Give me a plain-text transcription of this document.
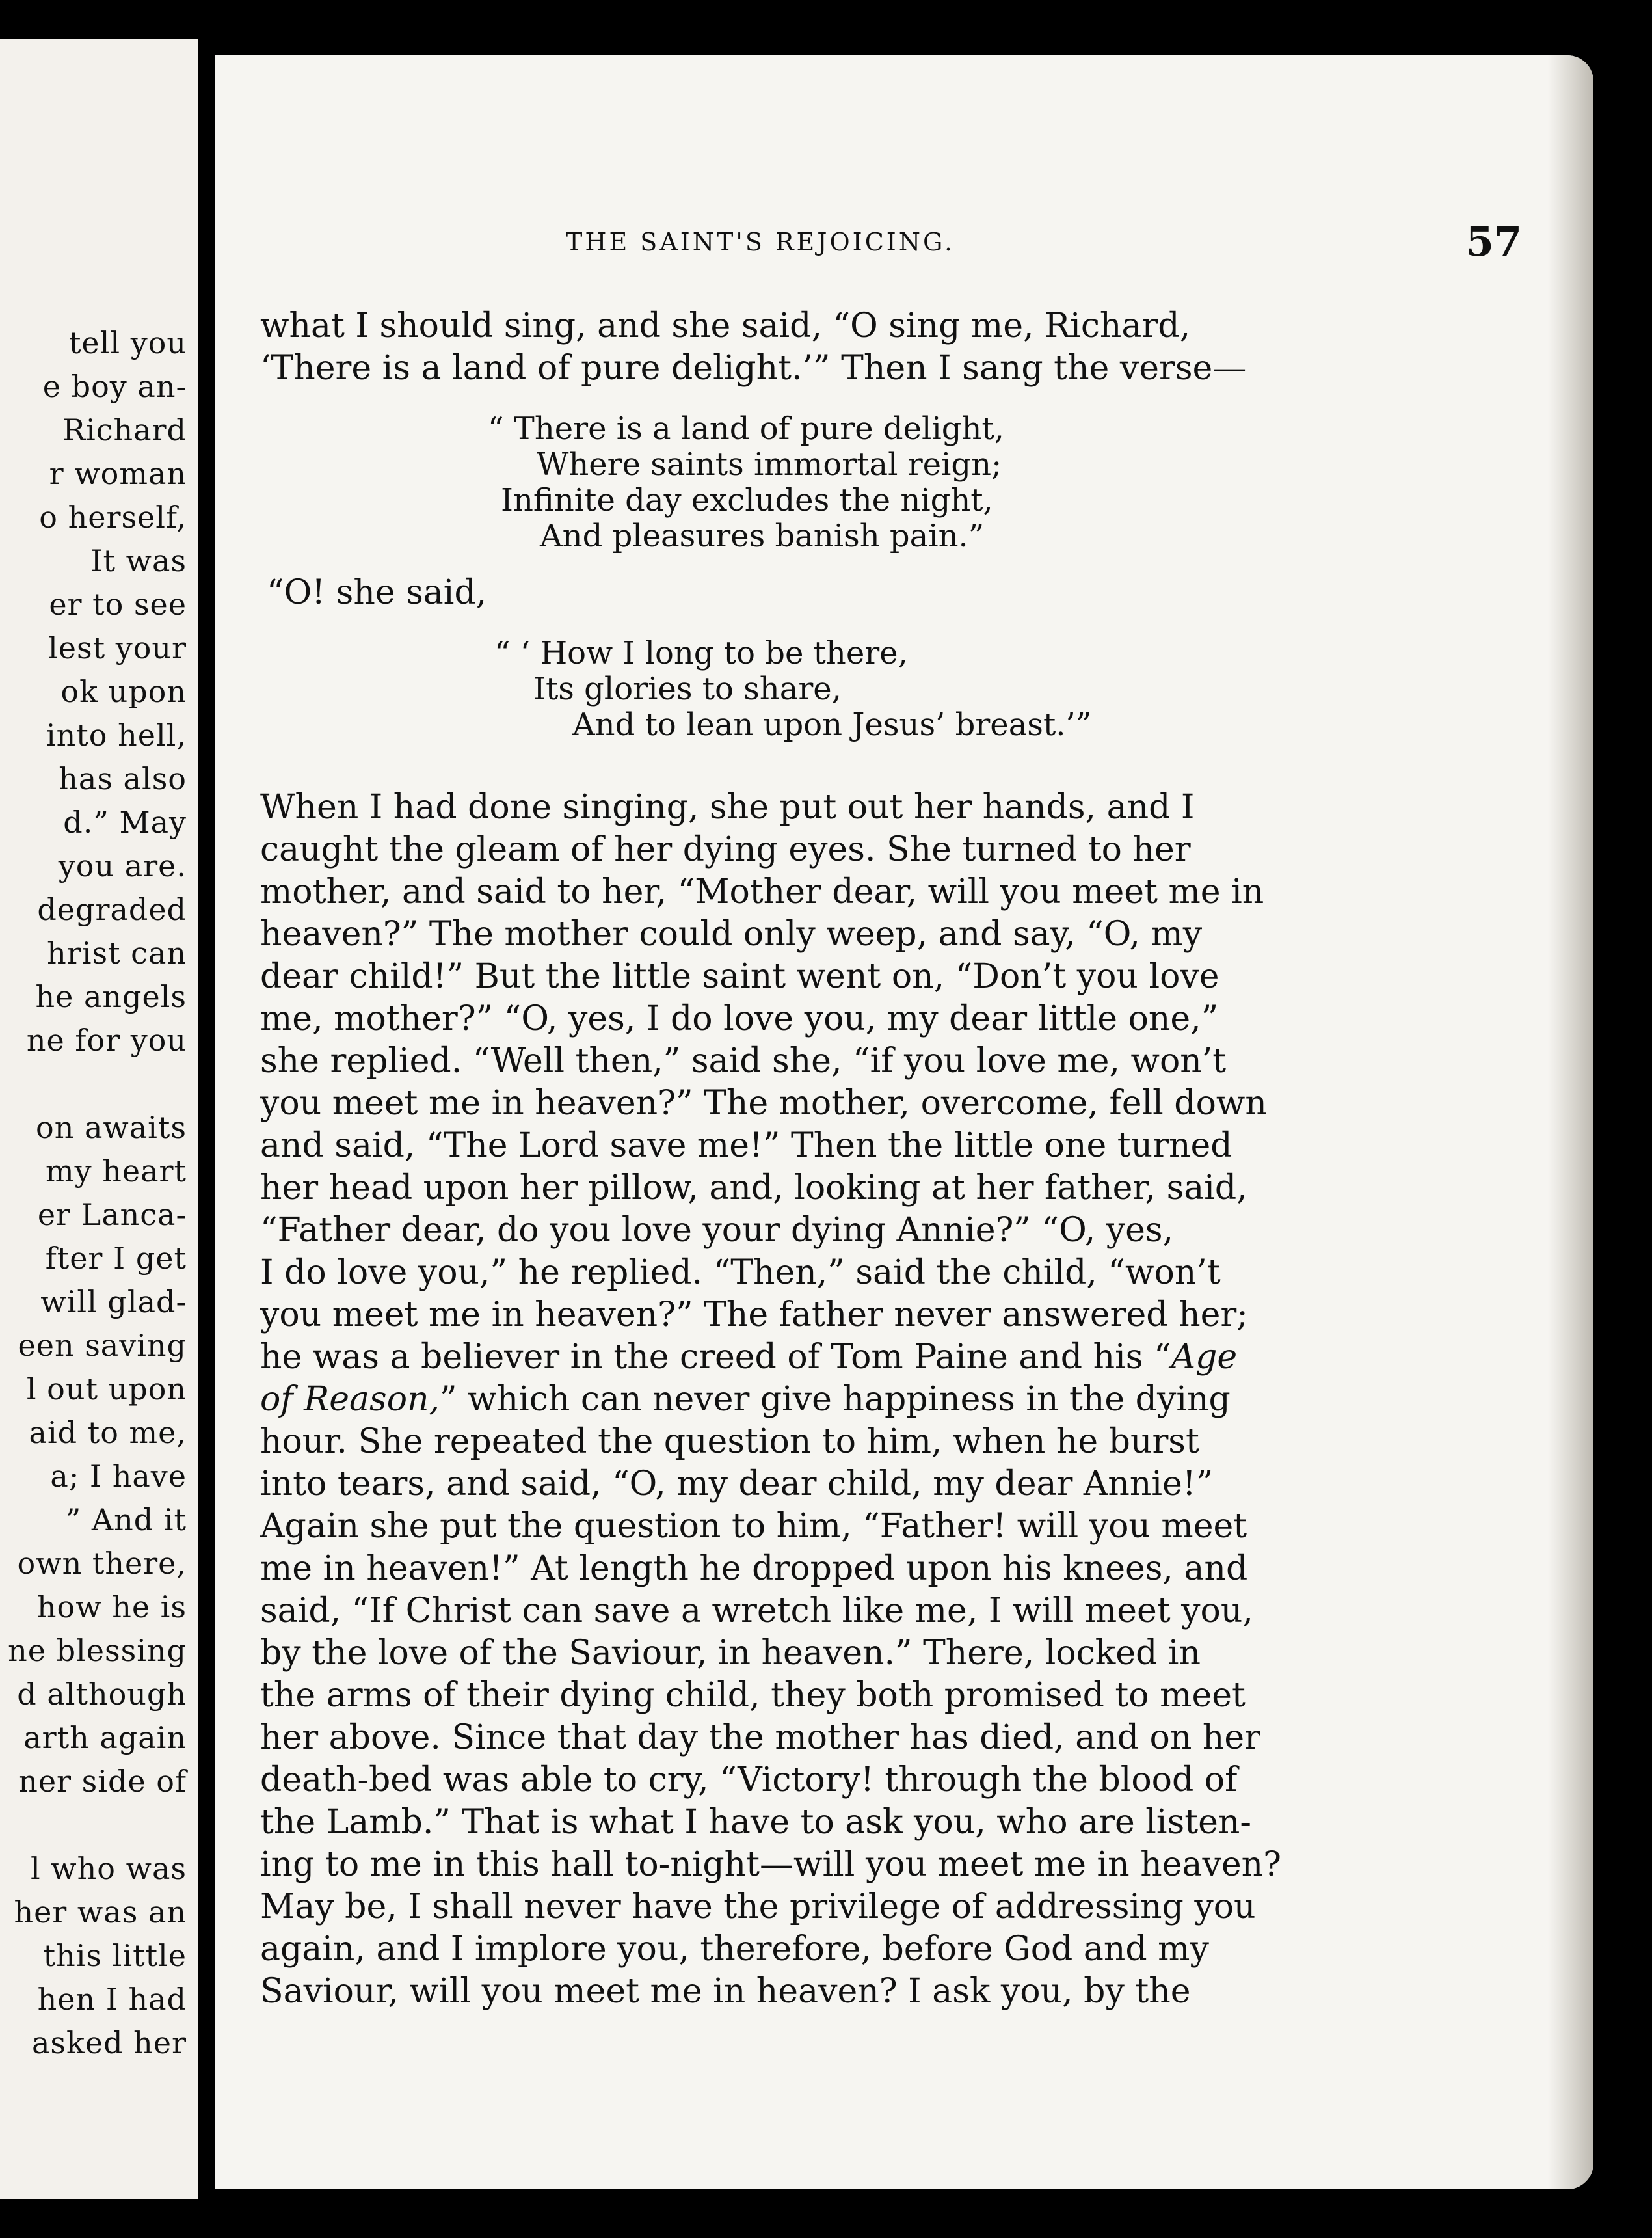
tell you
e boy an-
Richard
r woman
o herself,
It was
er to see
lest your
ok upon
into hell,
has also
d.” May
you are.
degraded
hrist can
he angels
ne for you
on awaits
my heart
er Lanca-
fter I get
will glad-
een saving
l out upon
aid to me,
a; I have
” And it
own there,
how he is
ne blessing
d although
arth again
ner side of
l who was
her was an
this little
hen I had
asked her
THE SAINT'S REJOICING.	57
what I should sing, and she said, “O sing me, Richard,
‘There is a land of pure delight.’” Then I sang the verse—
“ There is a land of pure delight,
Where saints immortal reign;
Infinite day excludes the night,
And pleasures banish pain.”
“O! she said,
“ ‘ How I long to be there,
Its glories to share,
And to lean upon Jesus’ breast.’”
When I had done singing, she put out her hands, and I
caught the gleam of her dying eyes. She turned to her
mother, and said to her, “Mother dear, will you meet me in
heaven?” The mother could only weep, and say, “O, my
dear child!” But the little saint went on, “Don’t you love
me, mother?” “O, yes, I do love you, my dear little one,”
she replied. “Well then,” said she, “if you love me, won’t
you meet me in heaven?” The mother, overcome, fell down
and said, “The Lord save me!” Then the little one turned
her head upon her pillow, and, looking at her father, said,
“Father dear, do you love your dying Annie?” “O, yes,
I do love you,” he replied. “Then,” said the child, “won’t
you meet me in heaven?” The father never answered her;
he was a believer in the creed of Tom Paine and his “Age
of Reason,” which can never give happiness in the dying
hour. She repeated the question to him, when he burst
into tears, and said, “O, my dear child, my dear Annie!”
Again she put the question to him, “Father! will you meet
me in heaven!” At length he dropped upon his knees, and
said, “If Christ can save a wretch like me, I will meet you,
by the love of the Saviour, in heaven.” There, locked in
the arms of their dying child, they both promised to meet
her above. Since that day the mother has died, and on her
death-bed was able to cry, “Victory! through the blood of
the Lamb.” That is what I have to ask you, who are listen-
ing to me in this hall to-night—will you meet me in heaven?
May be, I shall never have the privilege of addressing you
again, and I implore you, therefore, before God and my
Saviour, will you meet me in heaven? I ask you, by the
